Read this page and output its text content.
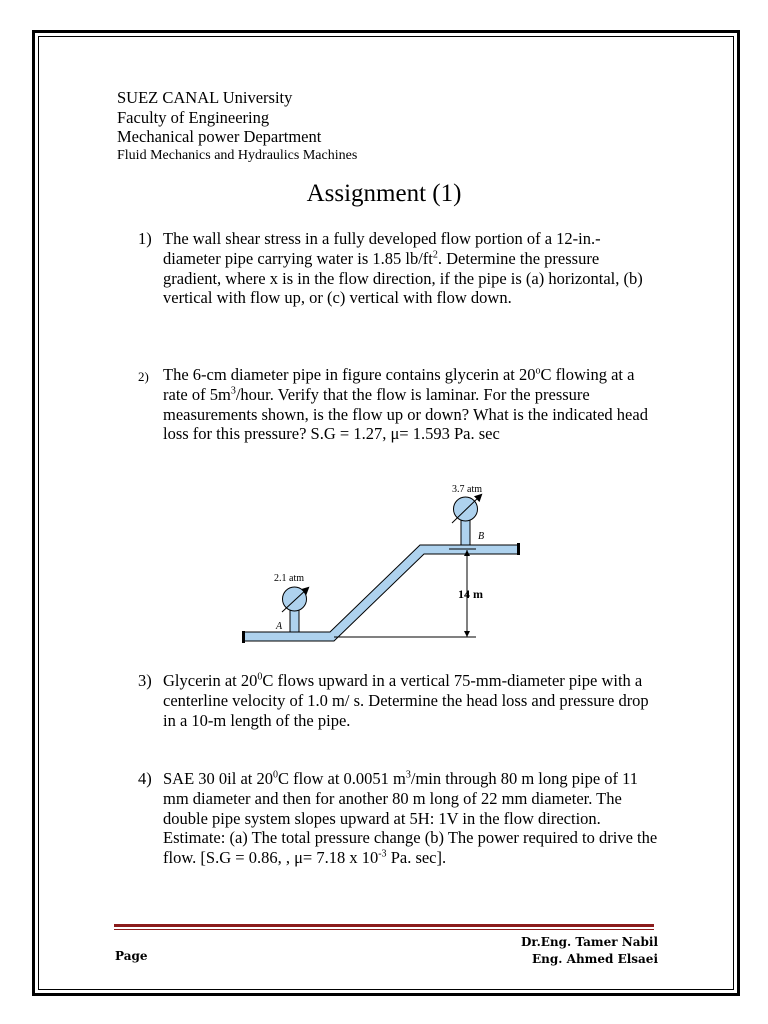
SUEZ CANAL University
Faculty of Engineering
Mechanical power Department
Fluid Mechanics and Hydraulics Machines
Assignment (1)
1) The wall shear stress in a fully developed flow portion of a 12-in.-diameter pipe carrying water is 1.85 $lb/ft^2$. Determine the pressure gradient, where x is in the flow direction, if the pipe is (a) horizontal, (b) vertical with flow up, or (c) vertical with flow down.
2) The 6-cm diameter pipe in figure contains glycerin at 20$^o$C flowing at a rate of $5m^3$/hour. Verify that the flow is laminar. For the pressure measurements shown, is the flow up or down? What is the indicated head loss for this pressure? S.G = 1.27, μ= 1.593 Pa. sec
3.7 atm
2.1 atm
A
B
14 m
3) Glycerin at $20^0C$ flows upward in a vertical 75-mm-diameter pipe with a centerline velocity of 1.0 m/ s. Determine the head loss and pressure drop in a 10-m length of the pipe.
4) SAE 30 0il at $20^0C$ flow at 0.0051 $m^3/\min$ through 80 m long pipe of 11 mm diameter and then for another 80 m long of 22 mm diameter. The double pipe system slopes upward at 5H: 1V in the flow direction. Estimate: (a) The total pressure change (b) The power required to drive the flow. [S.G = 0.86, , μ= 7.18 x $10^{-3}$ Pa. sec].
Page
Dr.Eng. Tamer Nabil
Eng. Ahmed Elsaei
